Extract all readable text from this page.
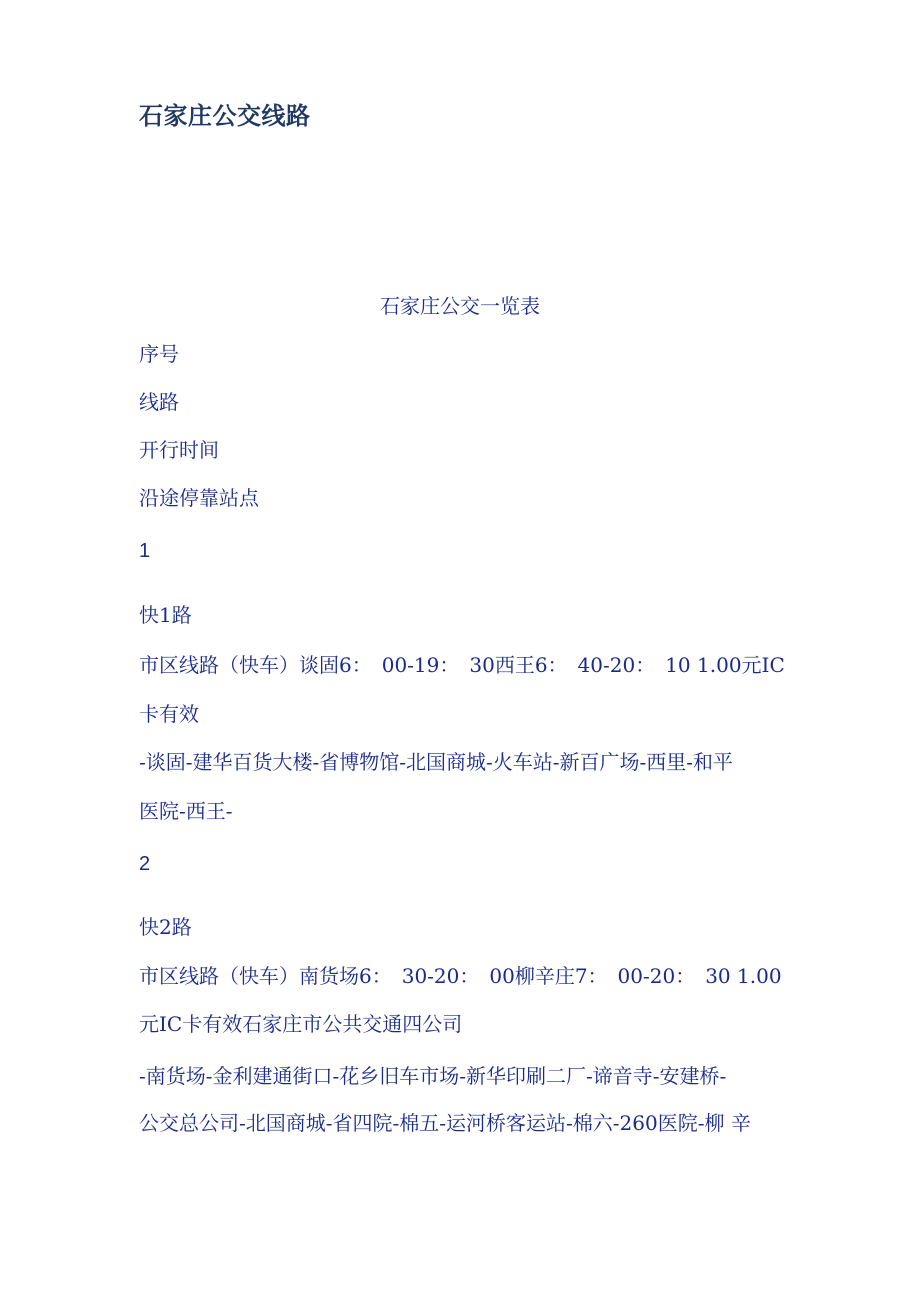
石家庄公交线路

石家庄公交一览表

序号

线路

开行时间

沿途停靠站点

1

快1路

市区线路（快车）谈固6：　00-19：　30西王6：　40-20：　10 1.00元IC

卡有效

-谈固-建华百货大楼-省博物馆-北国商城-火车站-新百广场-西里-和平

医院-西王-

2

快2路

市区线路（快车）南货场6：　30-20：　00柳辛庄7：　00-20：　30 1.00

元IC卡有效石家庄市公共交通四公司

-南货场-金利建通街口-花乡旧车市场-新华印刷二厂-谛音寺-安建桥-

公交总公司-北国商城-省四院-棉五-运河桥客运站-棉六-260医院-柳 辛
